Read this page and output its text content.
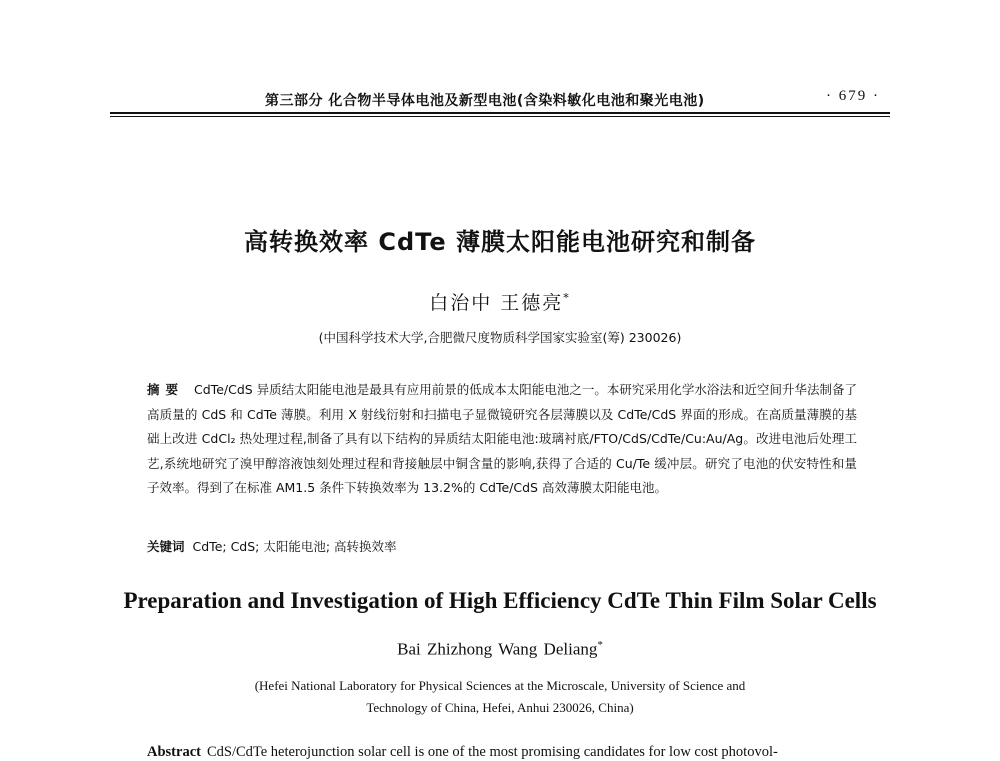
第三部分 化合物半导体电池及新型电池(含染料敏化电池和聚光电池)	· 679 ·
高转换效率 CdTe 薄膜太阳能电池研究和制备
白治中 王德亮*
(中国科学技术大学,合肥微尺度物质科学国家实验室(筹) 230026)
摘要 CdTe/CdS 异质结太阳能电池是最具有应用前景的低成本太阳能电池之一。本研究采用化学水浴法和近空间升华法制备了高质量的 CdS 和 CdTe 薄膜。利用 X 射线衍射和扫描电子显微镜研究各层薄膜以及 CdTe/CdS 界面的形成。在高质量薄膜的基础上改进 CdCl₂ 热处理过程,制备了具有以下结构的异质结太阳能电池:玻璃衬底/FTO/CdS/CdTe/Cu:Au/Ag。改进电池后处理工艺,系统地研究了溴甲醇溶液蚀刻处理过程和背接触层中铜含量的影响,获得了合适的 Cu/Te 缓冲层。研究了电池的伏安特性和量子效率。得到了在标准 AM1.5 条件下转换效率为 13.2%的 CdTe/CdS 高效薄膜太阳能电池。
关键词 CdTe; CdS; 太阳能电池; 高转换效率
Preparation and Investigation of High Efficiency CdTe Thin Film Solar Cells
Bai Zhizhong Wang Deliang*
(Hefei National Laboratory for Physical Sciences at the Microscale, University of Science and
Technology of China, Hefei, Anhui 230026, China)
Abstract CdS/CdTe heterojunction solar cell is one of the most promising candidates for low cost photovol-
